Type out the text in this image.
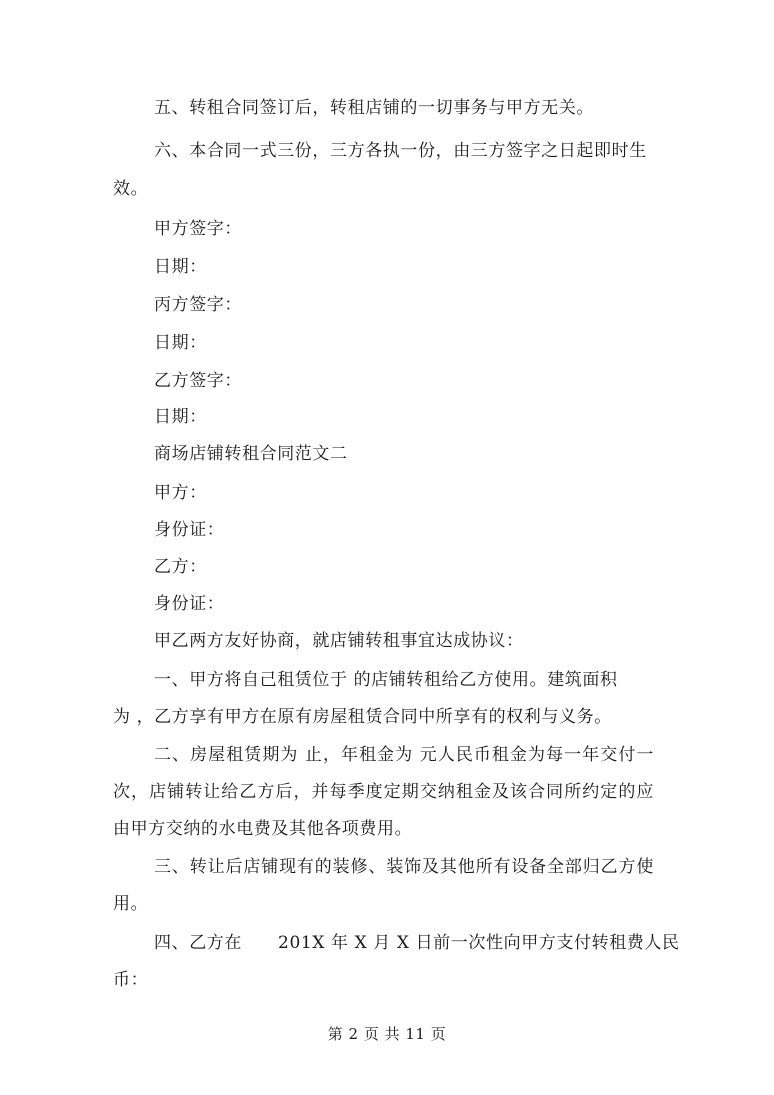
五、转租合同签订后，转租店铺的一切事务与甲方无关。
六、本合同一式三份，三方各执一份，由三方签字之日起即时生
效。
甲方签字：
日期：
丙方签字：
日期：
乙方签字：
日期：
商场店铺转租合同范文二
甲方：
身份证：
乙方：
身份证：
甲乙两方友好协商，就店铺转租事宜达成协议：
一、甲方将自己租赁位于 的店铺转租给乙方使用。建筑面积
为 ，乙方享有甲方在原有房屋租赁合同中所享有的权利与义务。
二、房屋租赁期为 止，年租金为 元人民币租金为每一年交付一
次，店铺转让给乙方后，并每季度定期交纳租金及该合同所约定的应
由甲方交纳的水电费及其他各项费用。
三、转让后店铺现有的装修、装饰及其他所有设备全部归乙方使
用。
四、乙方在      201X 年 X 月 X 日前一次性向甲方支付转租费人民
币：
第 2 页 共 11 页
